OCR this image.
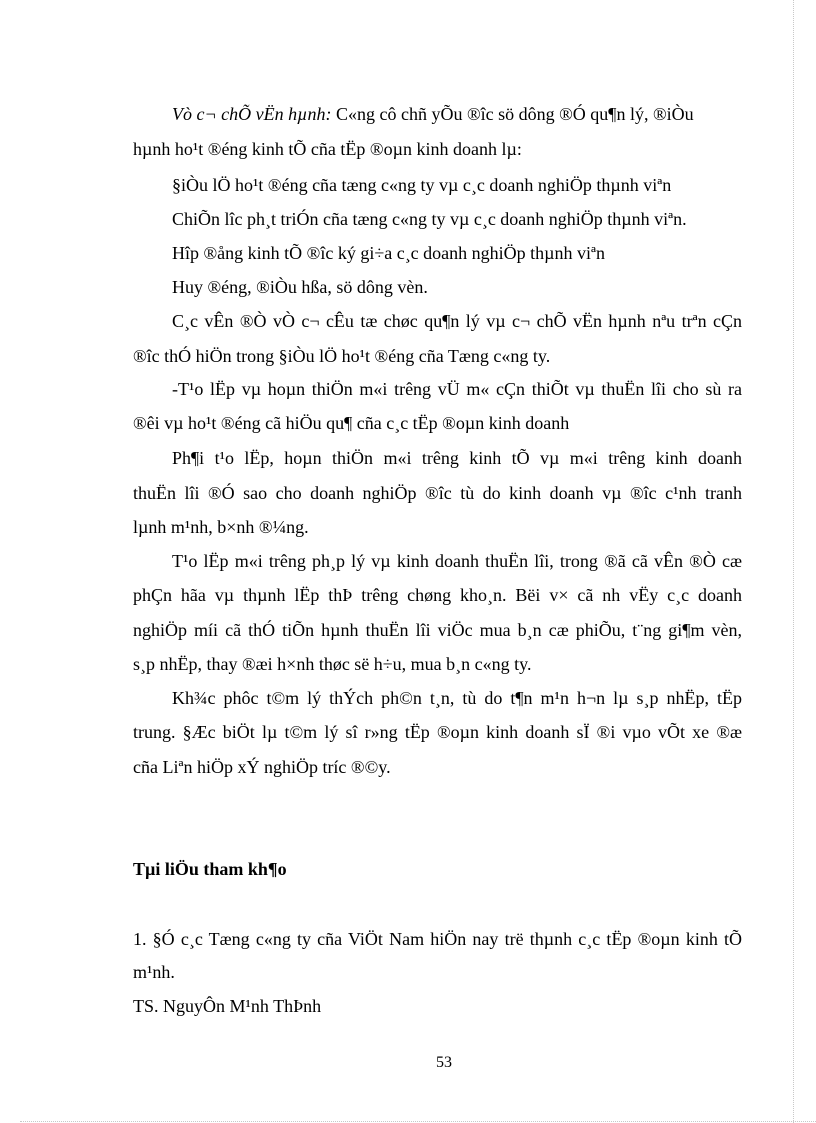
Vò c¬ chÕ vËn hµnh: C«ng cô chñ yÕu ®îc sö dông ®Ó qu¶n lý, ®iÒu
hµnh ho¹t ®éng kinh tÕ cña tËp ®oµn kinh doanh lµ:
§iÒu lÖ ho¹t ®éng cña tæng c«ng ty vµ c¸c doanh nghiÖp thµnh viªn
ChiÕn lîc ph¸t triÓn cña tæng c«ng ty vµ c¸c doanh nghiÖp thµnh viªn.
Hîp ®ång kinh tÕ ®îc ký gi÷a c¸c doanh nghiÖp thµnh viªn
Huy ®éng, ®iÒu hßa, sö dông vèn.
C¸c vÊn ®Ò vÒ c¬ cÊu tæ chøc qu¶n lý vµ c¬ chÕ vËn hµnh nªu trªn cÇn
®îc thÓ hiÖn trong §iÒu lÖ ho¹t ®éng cña Tæng c«ng ty.
-T¹o lËp vµ hoµn thiÖn m«i trêng vÜ m« cÇn thiÕt vµ thuËn lîi cho sù ra
®êi vµ ho¹t ®éng cã hiÖu qu¶ cña c¸c tËp ®oµn kinh doanh
Ph¶i t¹o lËp, hoµn thiÖn m«i trêng kinh tÕ vµ m«i trêng kinh doanh
thuËn lîi ®Ó sao cho doanh nghiÖp ®îc tù do kinh doanh vµ ®îc c¹nh tranh
lµnh m¹nh, b×nh ®¼ng.
T¹o lËp m«i trêng ph¸p lý vµ kinh doanh thuËn lîi, trong ®ã cã vÊn ®Ò cæ
phÇn hãa vµ thµnh lËp thÞ trêng chøng kho¸n. Bëi v× cã nh vËy c¸c doanh
nghiÖp míi cã thÓ tiÕn hµnh thuËn lîi viÖc mua b¸n cæ phiÕu, t¨ng gi¶m vèn,
s¸p nhËp, thay ®æi h×nh thøc së h÷u, mua b¸n c«ng ty.
Kh¾c phôc t©m lý thÝch ph©n t¸n, tù do t¶n m¹n h¬n lµ s¸p nhËp, tËp
trung. §Æc biÖt lµ t©m lý sî r»ng tËp ®oµn kinh doanh sÏ ®i vµo vÕt xe ®æ
cña Liªn hiÖp xÝ nghiÖp tríc ®©y.
Tµi liÖu tham kh¶o
1. §Ó c¸c Tæng c«ng ty cña ViÖt Nam hiÖn nay trë thµnh c¸c tËp ®oµn kinh tÕ
m¹nh.
TS. NguyÔn M¹nh ThÞnh
53
